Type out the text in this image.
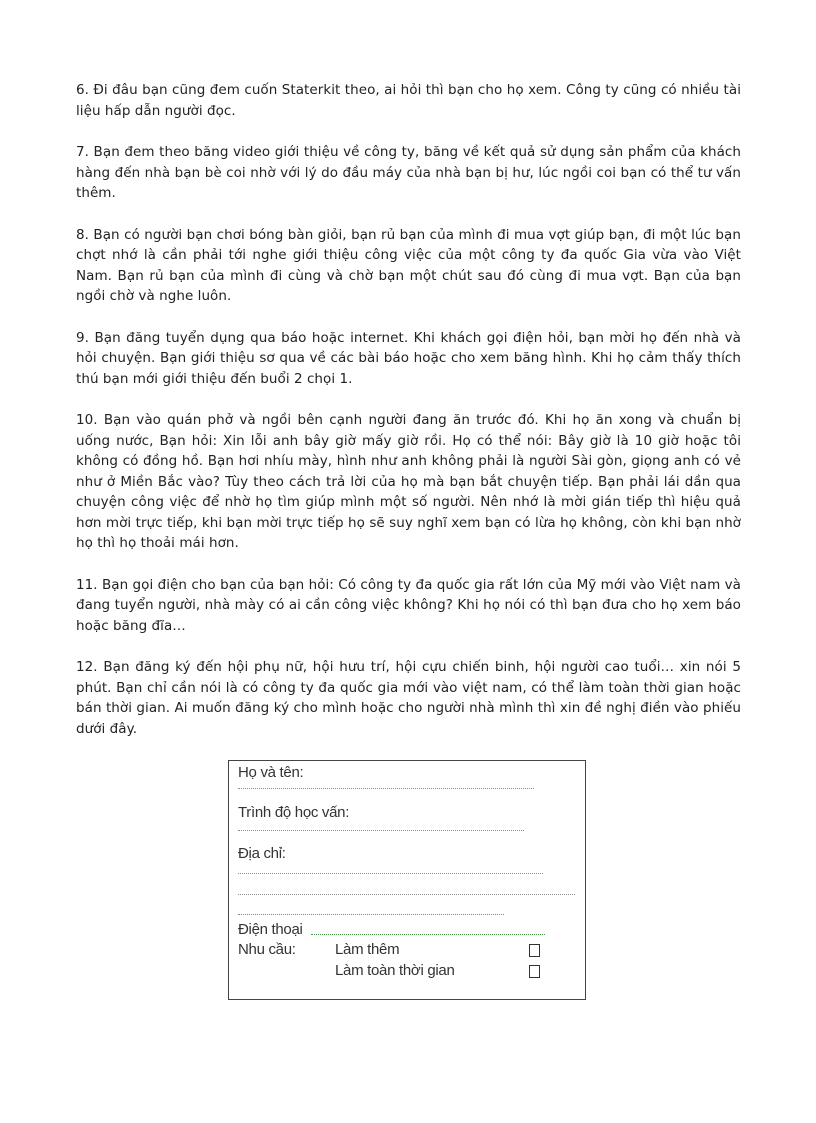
6. Đi đâu bạn cũng đem cuốn Staterkit theo, ai hỏi thì bạn cho họ xem. Công ty cũng có nhiều tài liệu hấp dẫn người đọc.

7. Bạn đem theo băng video giới thiệu về công ty, băng về kết quả sử dụng sản phẩm của khách hàng đến nhà bạn bè coi nhờ với lý do đầu máy của nhà bạn bị hư, lúc ngồi coi bạn có thể tư vấn thêm.

8. Bạn có người bạn chơi bóng bàn giỏi, bạn rủ bạn của mình đi mua vợt giúp bạn, đi một lúc bạn chợt nhớ là cần phải tới nghe giới thiệu công việc của một công ty đa quốc Gia vừa vào Việt Nam. Bạn rủ bạn của mình đi cùng và chờ bạn một chút sau đó cùng đi mua vợt. Bạn của bạn ngồi chờ và nghe luôn.

9. Bạn đăng tuyển dụng qua báo hoặc internet. Khi khách gọi điện hỏi, bạn mời họ đến nhà và hỏi chuyện. Bạn giới thiệu sơ qua về các bài báo hoặc cho xem băng hình. Khi họ cảm thấy thích thú bạn mới giới thiệu đến buổi 2 chọi 1.

10. Bạn vào quán phở và ngồi bên cạnh người đang ăn trước đó. Khi họ ăn xong và chuẩn bị uống nước, Bạn hỏi: Xin lỗi anh bây giờ mấy giờ rồi. Họ có thể nói: Bây giờ là 10 giờ hoặc tôi không có đồng hồ. Bạn hơi nhíu mày, hình như anh không phải là người Sài gòn, giọng anh có vẻ như ở Miền Bắc vào? Tùy theo cách trả lời của họ mà bạn bắt chuyện tiếp. Bạn phải lái dần qua chuyện công việc để nhờ họ tìm giúp mình một số người. Nên nhớ là mời gián tiếp thì hiệu quả hơn mời trực tiếp, khi bạn mời trực tiếp họ sẽ suy nghĩ xem bạn có lừa họ không, còn khi bạn nhờ họ thì họ thoải mái hơn.

11. Bạn gọi điện cho bạn của bạn hỏi: Có công ty đa quốc gia rất lớn của Mỹ mới vào Việt nam và đang tuyển người, nhà mày có ai cần công việc không? Khi họ nói có thì bạn đưa cho họ xem báo hoặc băng đĩa…

12. Bạn đăng ký đến hội phụ nữ, hội hưu trí, hội cựu chiến binh, hội người cao tuổi… xin nói 5 phút. Bạn chỉ cần nói là có công ty đa quốc gia mới vào việt nam, có thể làm toàn thời gian hoặc bán thời gian. Ai muốn đăng ký cho mình hoặc cho người nhà mình thì xin đề nghị điền vào phiếu dưới đây.

Họ và tên:
Trình độ học vấn:
Địa chỉ:
Điện thoại
Nhu cầu:	Làm thêm
Làm toàn thời gian
